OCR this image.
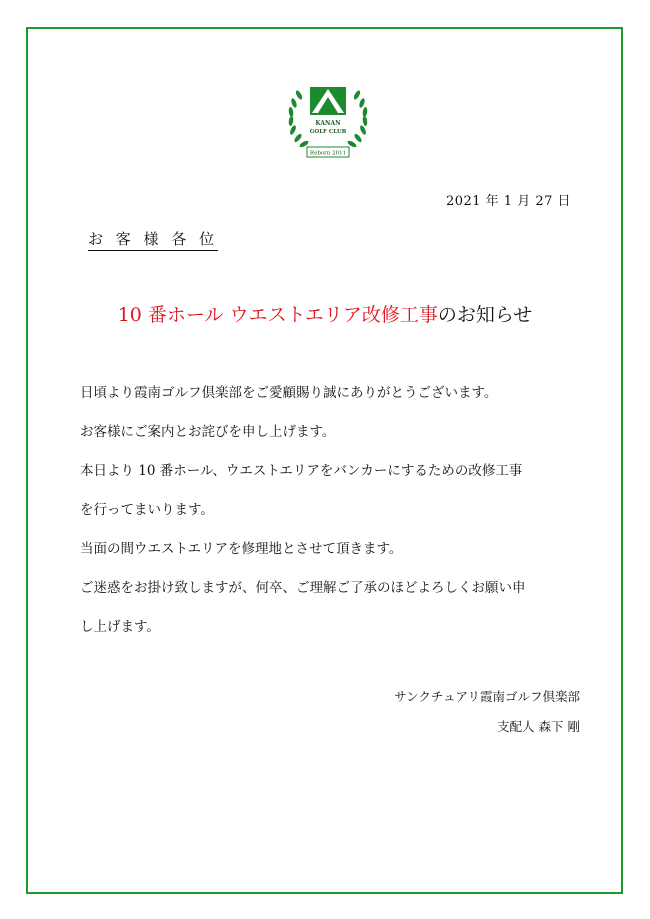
KANAN
GOLF CLUB
Reborn 2011
2021 年 1 月 27 日
お 客 様 各 位
10 番ホール ウエストエリア改修工事のお知らせ

日頃より霞南ゴルフ倶楽部をご愛顧賜り誠にありがとうございます。

お客様にご案内とお詫びを申し上げます。

本日より 10 番ホール、ウエストエリアをバンカーにするための改修工事

を行ってまいります。

当面の間ウエストエリアを修理地とさせて頂きます。

ご迷惑をお掛け致しますが、何卒、ご理解ご了承のほどよろしくお願い申

し上げます。

サンクチュアリ霞南ゴルフ倶楽部
支配人 森下 剛
